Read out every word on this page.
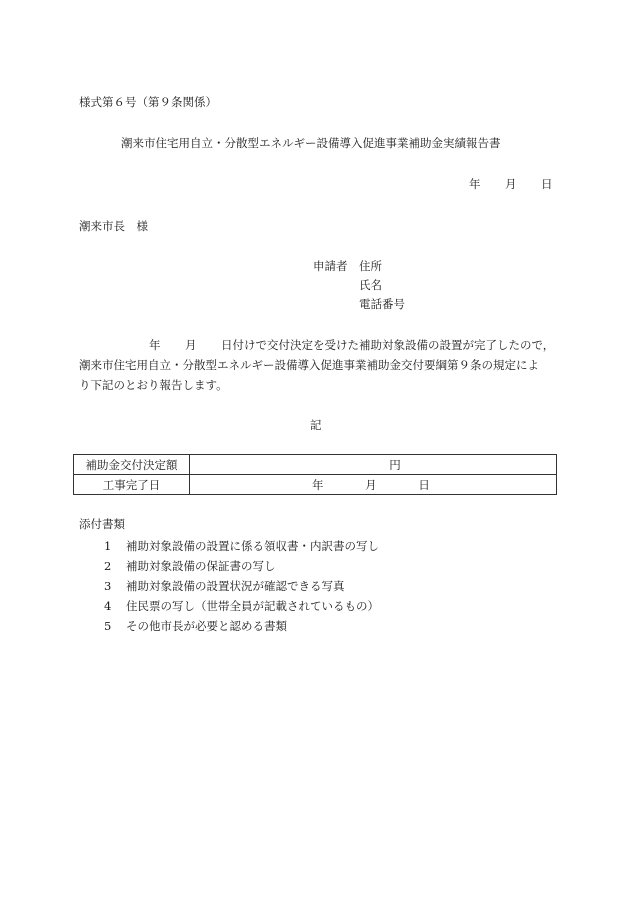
様式第６号（第９条関係）
潮来市住宅用自立・分散型エネルギー設備導入促進事業補助金実績報告書
年 月 日
潮来市長　様
申請者 住所
氏名
電話番号
年 月 日付けで交付決定を受けた補助対象設備の設置が完了したので，
潮来市住宅用自立・分散型エネルギー設備導入促進事業補助金交付要綱第９条の規定によ
り下記のとおり報告します。
記
補助金交付決定額	円
工事完了日	年 月 日
添付書類
1 補助対象設備の設置に係る領収書・内訳書の写し
2 補助対象設備の保証書の写し
3 補助対象設備の設置状況が確認できる写真
4 住民票の写し（世帯全員が記載されているもの）
5 その他市長が必要と認める書類
